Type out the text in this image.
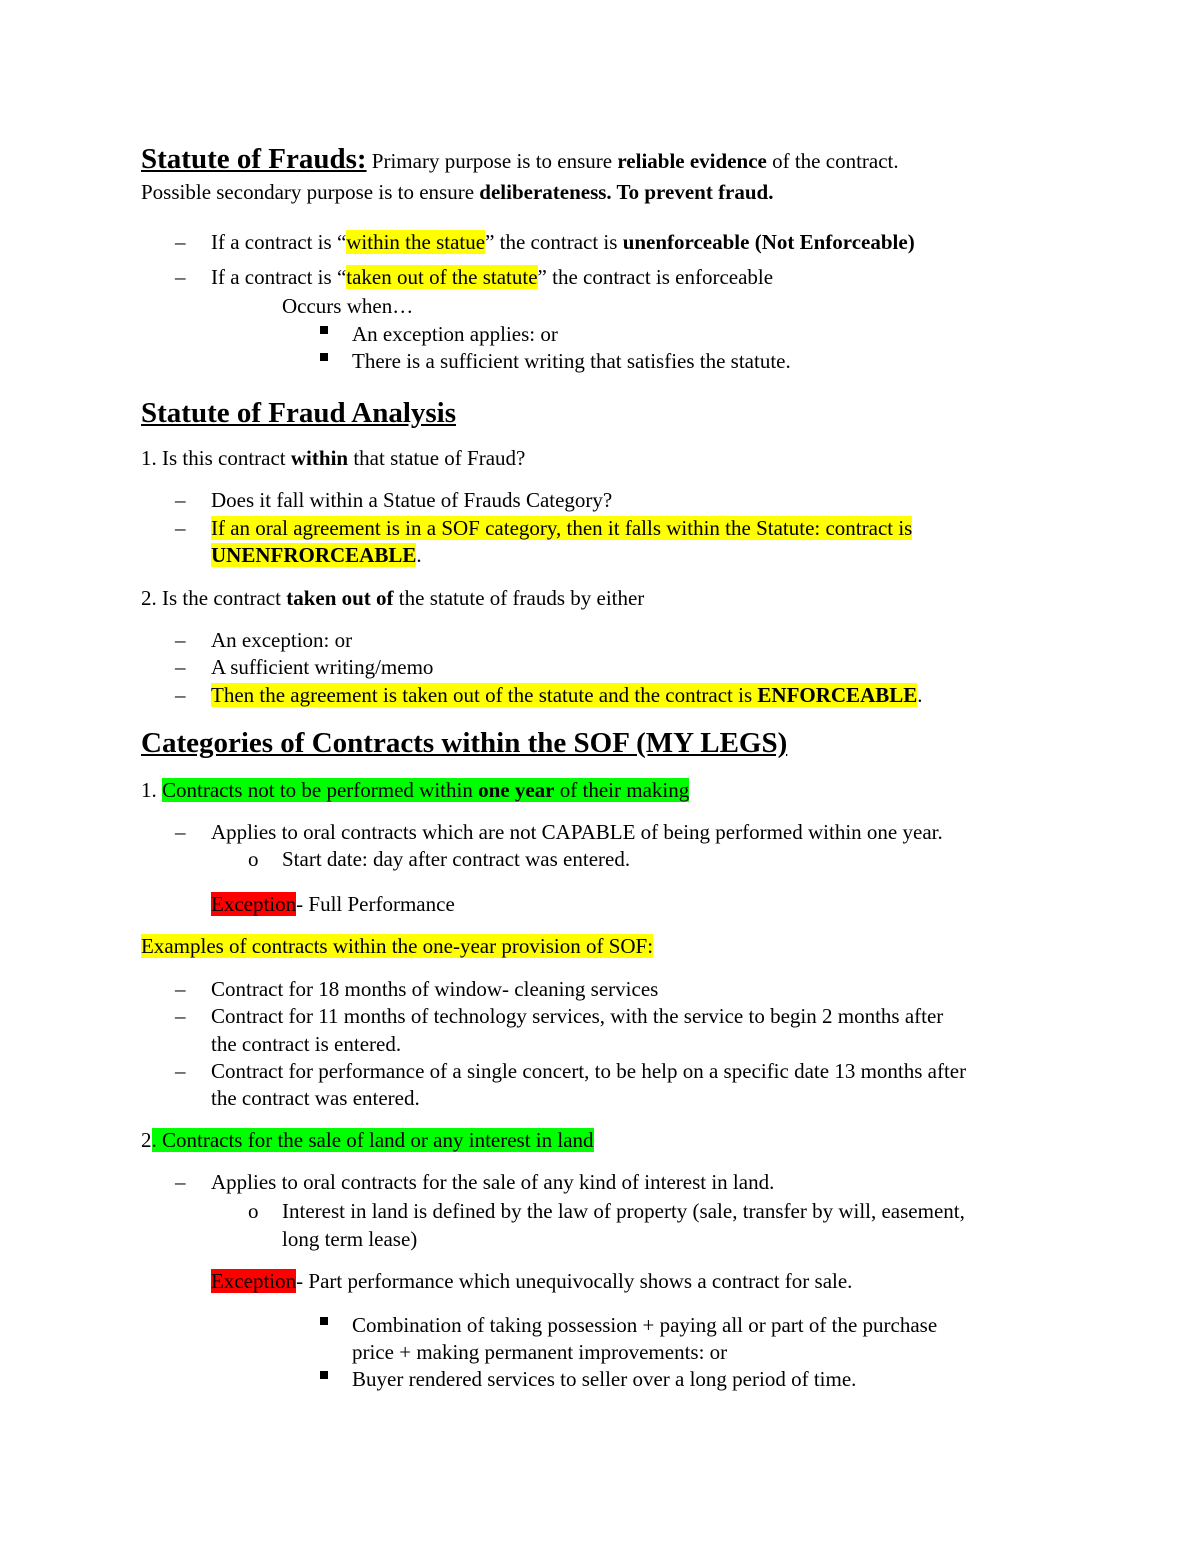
Statute of Frauds: Primary purpose is to ensure reliable evidence of the contract.
Possible secondary purpose is to ensure deliberateness. To prevent fraud.
– If a contract is “within the statue” the contract is unenforceable (Not Enforceable)
– If a contract is “taken out of the statute” the contract is enforceable
Occurs when…
An exception applies: or
There is a sufficient writing that satisfies the statute.
Statute of Fraud Analysis
1. Is this contract within that statue of Fraud?
– Does it fall within a Statue of Frauds Category?
– If an oral agreement is in a SOF category, then it falls within the Statute: contract is
UNENFRORCEABLE.
2. Is the contract taken out of the statute of frauds by either
– An exception: or
– A sufficient writing/memo
– Then the agreement is taken out of the statute and the contract is ENFORCEABLE.
Categories of Contracts within the SOF (MY LEGS)
1. Contracts not to be performed within one year of their making
– Applies to oral contracts which are not CAPABLE of being performed within one year.
o Start date: day after contract was entered.
Exception- Full Performance
Examples of contracts within the one-year provision of SOF:
– Contract for 18 months of window- cleaning services
– Contract for 11 months of technology services, with the service to begin 2 months after
the contract is entered.
– Contract for performance of a single concert, to be help on a specific date 13 months after
the contract was entered.
2. Contracts for the sale of land or any interest in land
– Applies to oral contracts for the sale of any kind of interest in land.
o Interest in land is defined by the law of property (sale, transfer by will, easement,
long term lease)
Exception- Part performance which unequivocally shows a contract for sale.
Combination of taking possession + paying all or part of the purchase
price + making permanent improvements: or
Buyer rendered services to seller over a long period of time.
